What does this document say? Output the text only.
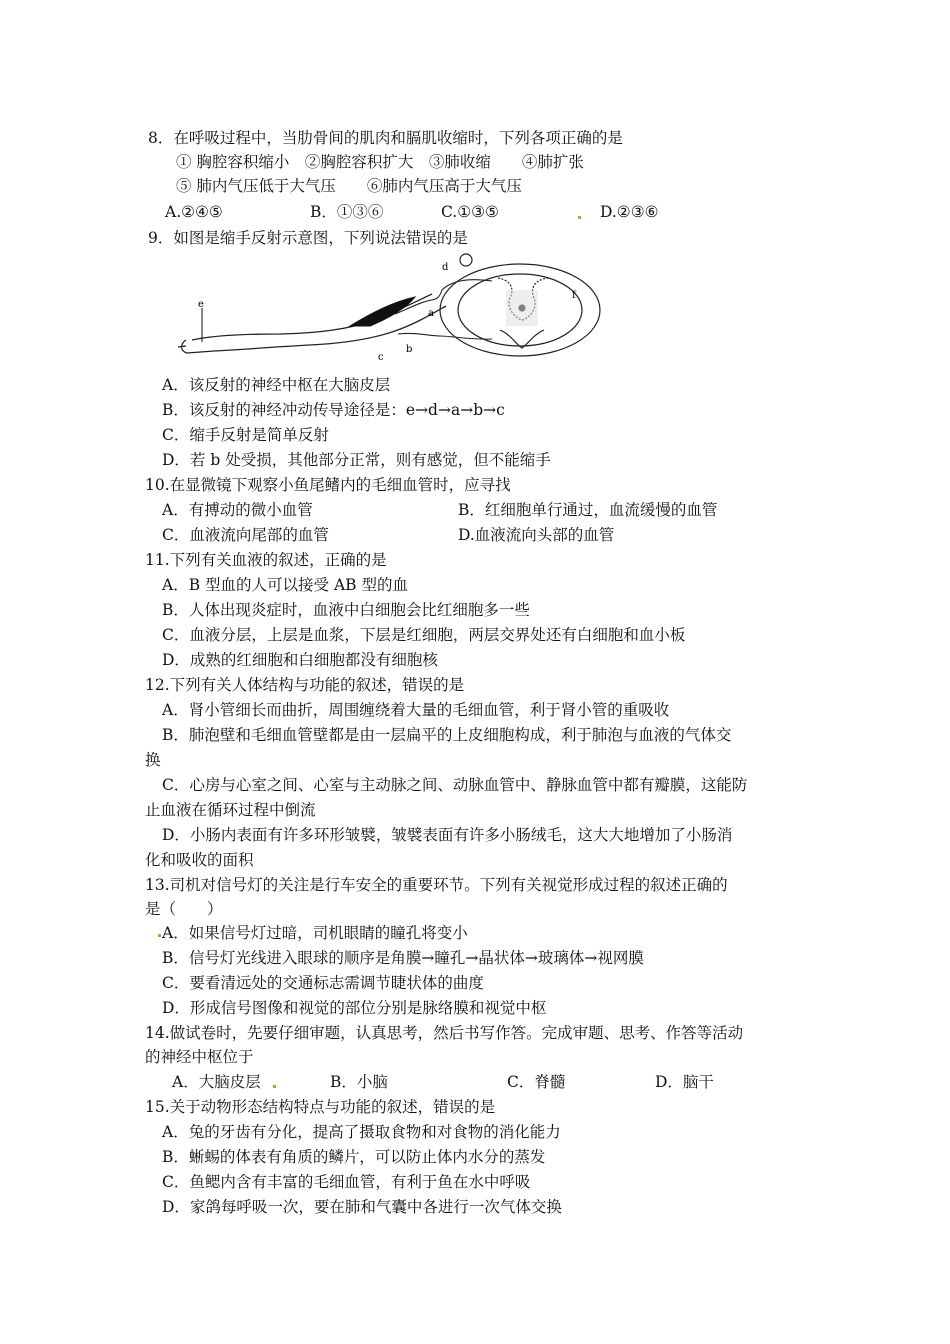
8．在呼吸过程中，当肋骨间的肌肉和膈肌收缩时，下列各项正确的是
① 胸腔容积缩小　②胸腔容积扩大　③肺收缩　　④肺扩张
⑤ 肺内气压低于大气压　　⑥肺内气压高于大气压
A.②④⑤	B．①③⑥	C.①③⑤	D.②③⑥
9．如图是缩手反射示意图，下列说法错误的是
e
d
a
b
c
f
A．该反射的神经中枢在大脑皮层
B．该反射的神经冲动传导途径是：e→d→a→b→c
C．缩手反射是简单反射
D．若 b 处受损，其他部分正常，则有感觉，但不能缩手
10.在显微镜下观察小鱼尾鳍内的毛细血管时，应寻找
A．有搏动的微小血管	B．红细胞单行通过，血流缓慢的血管
C．血液流向尾部的血管	D.血液流向头部的血管
11.下列有关血液的叙述，正确的是
A．B 型血的人可以接受 AB 型的血
B．人体出现炎症时，血液中白细胞会比红细胞多一些
C．血液分层，上层是血浆，下层是红细胞，两层交界处还有白细胞和血小板
D．成熟的红细胞和白细胞都没有细胞核
12.下列有关人体结构与功能的叙述，错误的是
A．肾小管细长而曲折，周围缠绕着大量的毛细血管，利于肾小管的重吸收
B．肺泡壁和毛细血管壁都是由一层扁平的上皮细胞构成，利于肺泡与血液的气体交
换
C．心房与心室之间、心室与主动脉之间、动脉血管中、静脉血管中都有瓣膜，这能防
止血液在循环过程中倒流
D．小肠内表面有许多环形皱襞，皱襞表面有许多小肠绒毛，这大大地增加了小肠消
化和吸收的面积
13.司机对信号灯的关注是行车安全的重要环节。下列有关视觉形成过程的叙述正确的
是（　　）
A．如果信号灯过暗，司机眼睛的瞳孔将变小
B．信号灯光线进入眼球的顺序是角膜→瞳孔→晶状体→玻璃体→视网膜
C．要看清远处的交通标志需调节睫状体的曲度
D．形成信号图像和视觉的部位分别是脉络膜和视觉中枢
14.做试卷时，先要仔细审题，认真思考，然后书写作答。完成审题、思考、作答等活动
的神经中枢位于
A．大脑皮层	B．小脑	C．脊髓	D．脑干
15.关于动物形态结构特点与功能的叙述，错误的是
A．兔的牙齿有分化，提高了摄取食物和对食物的消化能力
B．蜥蜴的体表有角质的鳞片，可以防止体内水分的蒸发
C．鱼鳃内含有丰富的毛细血管，有利于鱼在水中呼吸
D．家鸽每呼吸一次，要在肺和气囊中各进行一次气体交换
